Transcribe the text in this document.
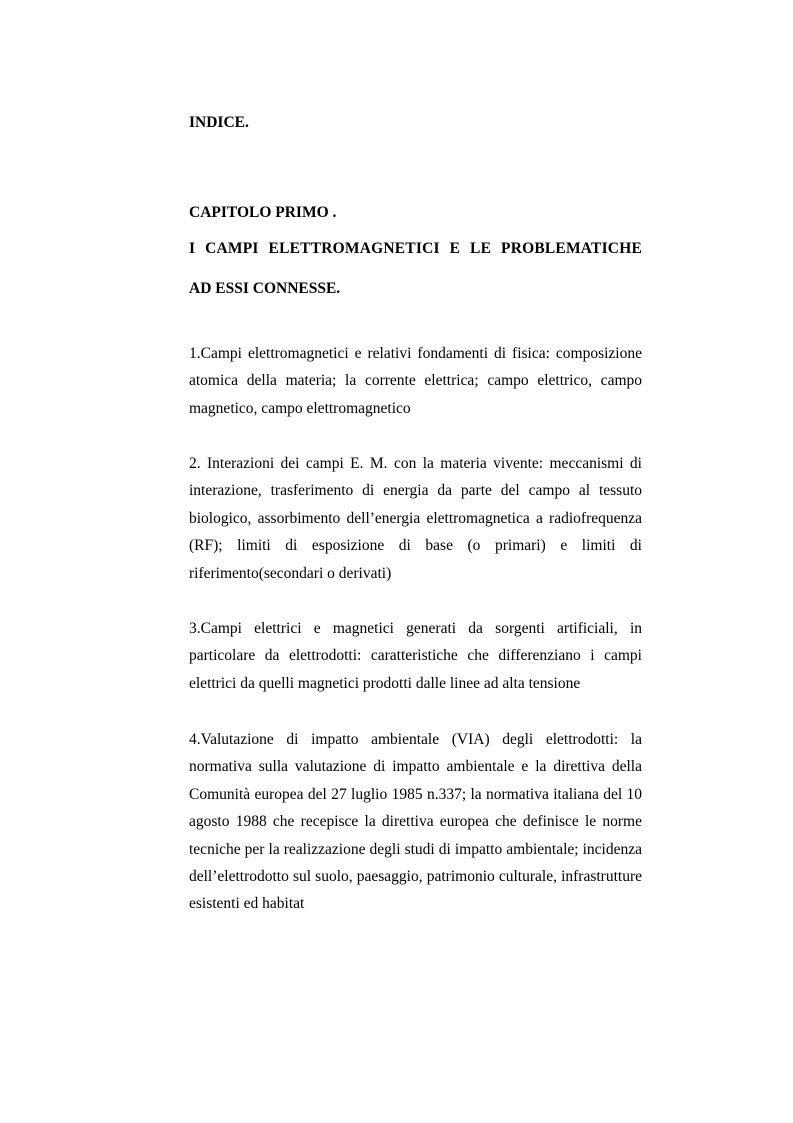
INDICE.

CAPITOLO PRIMO .

I CAMPI ELETTROMAGNETICI E LE PROBLEMATICHE

AD ESSI CONNESSE.

1.Campi elettromagnetici e relativi fondamenti di fisica: composizione atomica della materia; la corrente elettrica; campo elettrico, campo magnetico, campo elettromagnetico

2. Interazioni dei campi E. M. con la materia vivente: meccanismi di interazione, trasferimento di energia da parte del campo al tessuto biologico, assorbimento dell’energia elettromagnetica a radiofrequenza (RF); limiti di esposizione di base (o primari) e limiti di riferimento(secondari o derivati)

3.Campi elettrici e magnetici generati da sorgenti artificiali, in particolare da elettrodotti: caratteristiche che differenziano i campi elettrici da quelli magnetici prodotti dalle linee ad alta tensione

4.Valutazione di impatto ambientale (VIA) degli elettrodotti: la normativa sulla valutazione di impatto ambientale e la direttiva della Comunità europea del 27 luglio 1985 n.337; la normativa italiana del 10 agosto 1988 che recepisce la direttiva europea che definisce le norme tecniche per la realizzazione degli studi di impatto ambientale; incidenza dell’elettrodotto sul suolo, paesaggio, patrimonio culturale, infrastrutture esistenti ed habitat
